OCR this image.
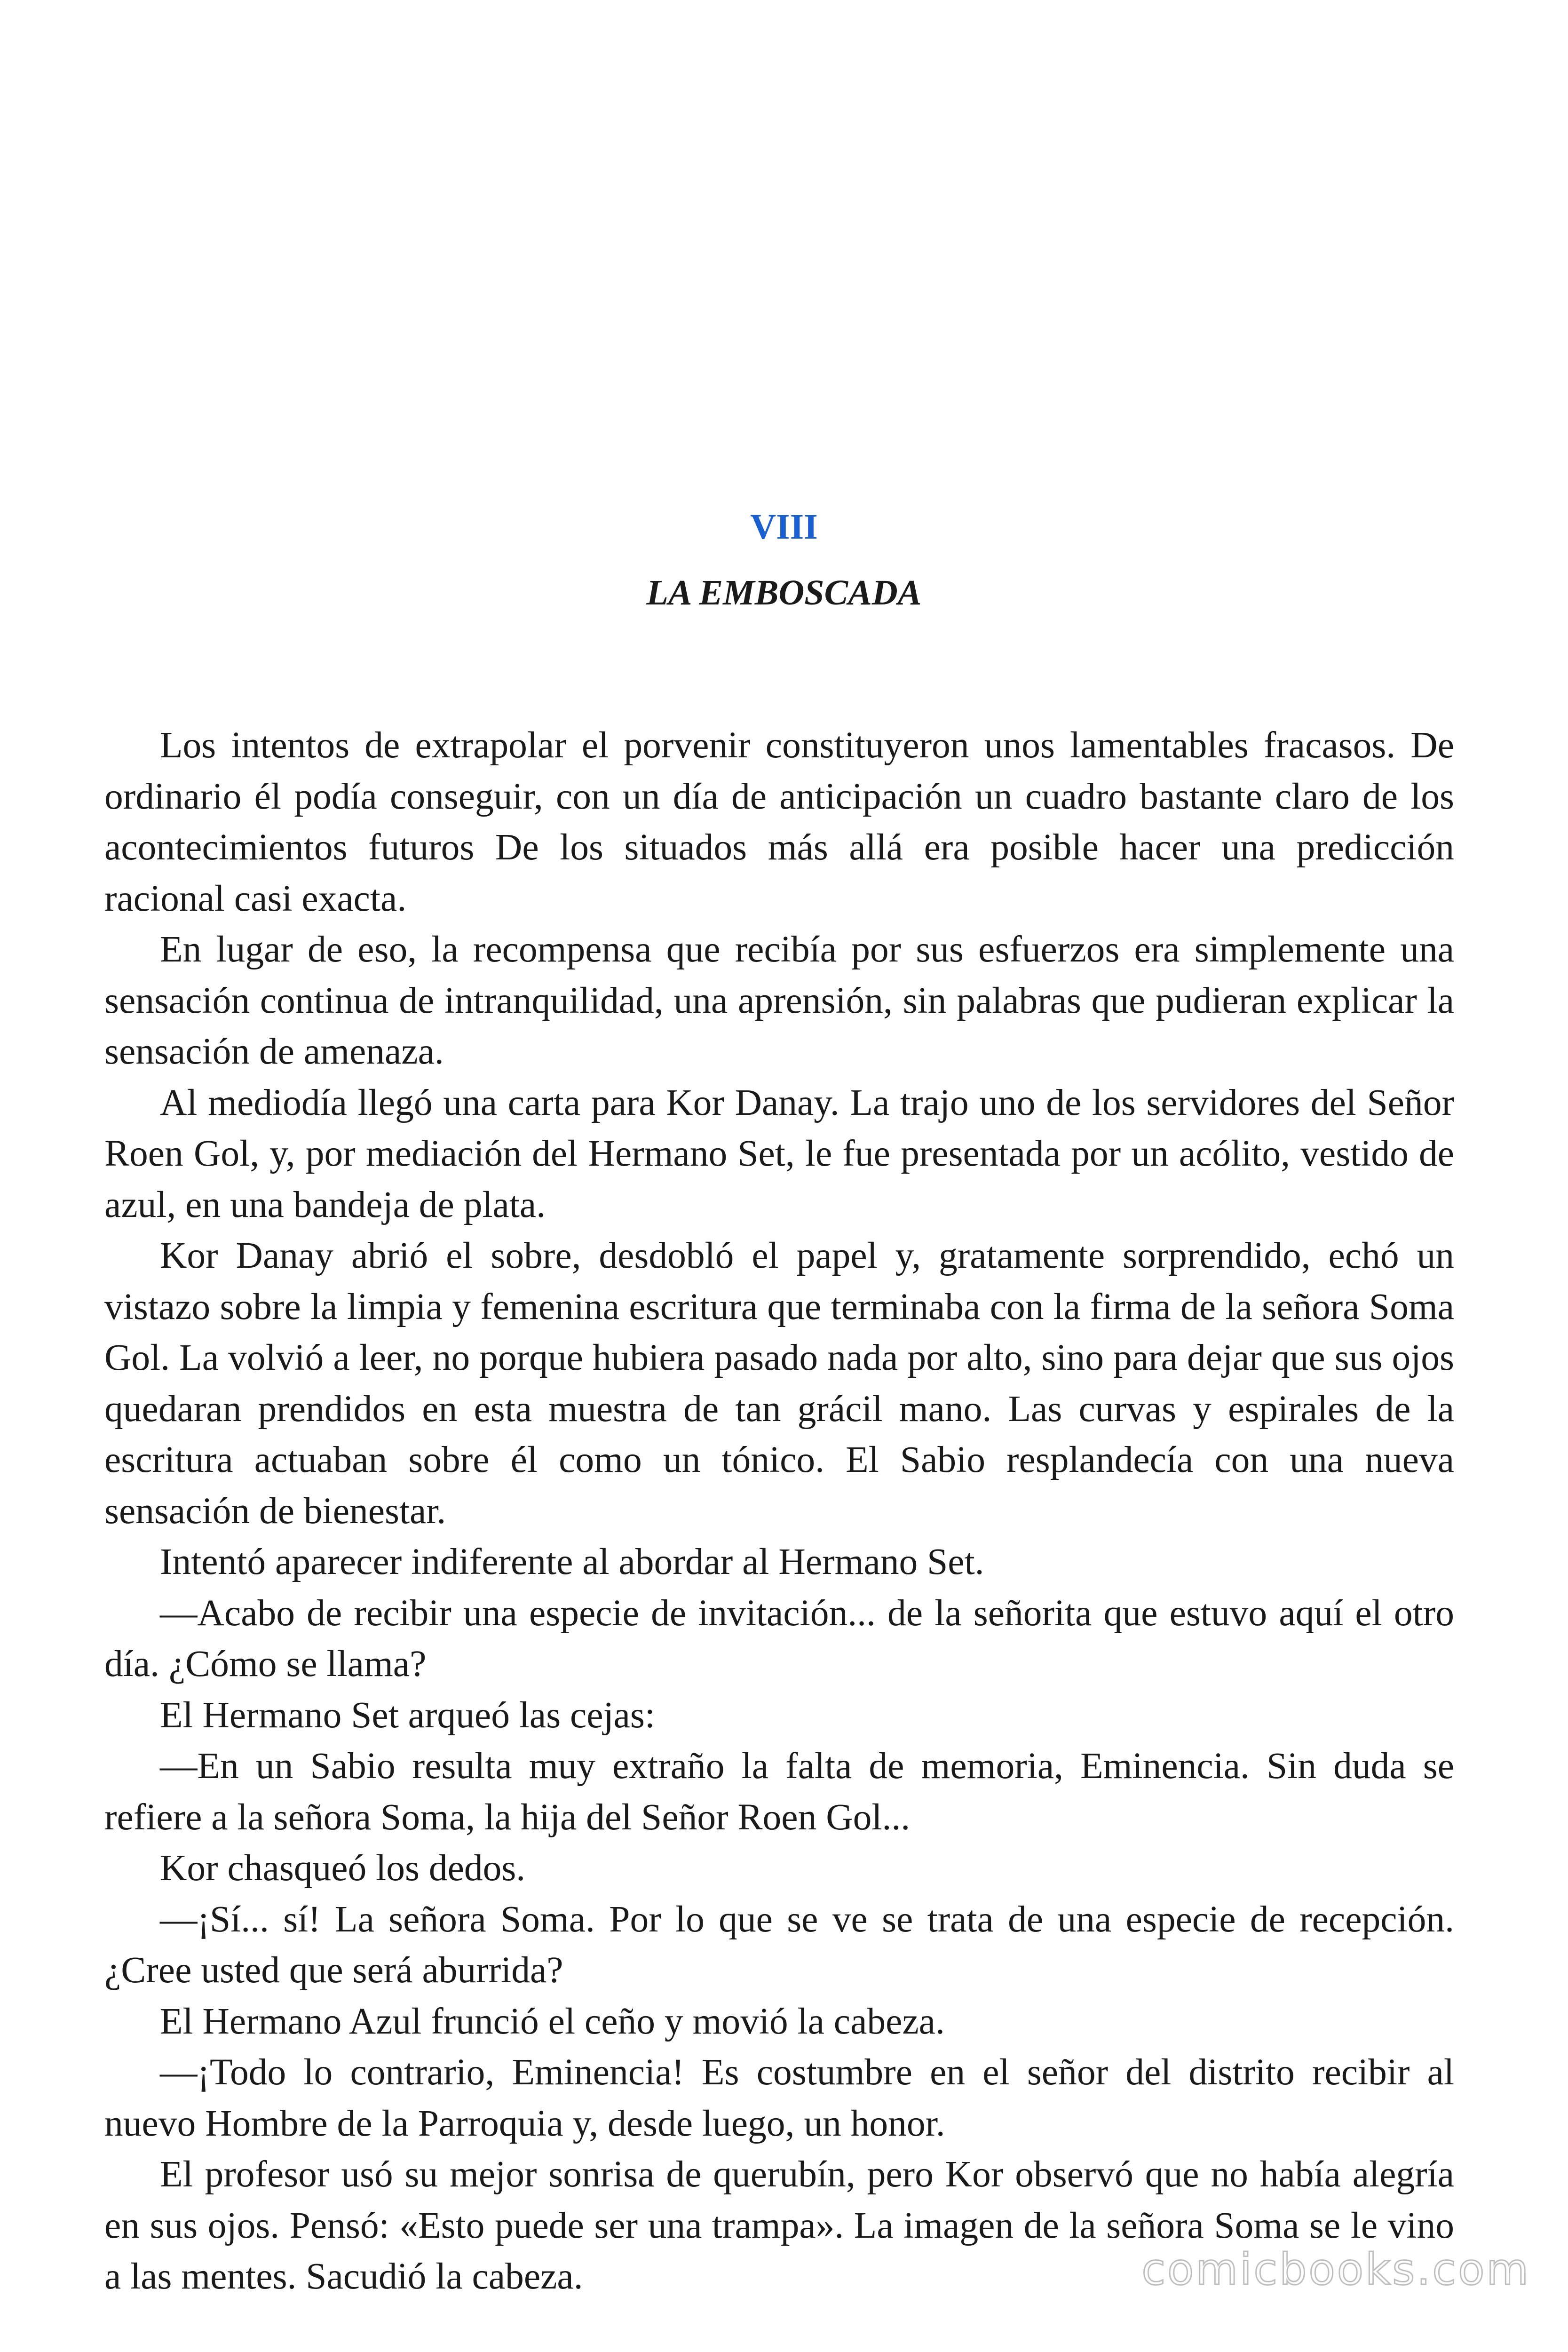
VIII
LA EMBOSCADA

Los intentos de extrapolar el porvenir constituyeron unos lamentables fracasos. De ordinario él podía conseguir, con un día de anticipación un cuadro bastante claro de los acontecimientos futuros De los situados más allá era posible hacer una predicción racional casi exacta.

En lugar de eso, la recompensa que recibía por sus esfuerzos era simplemente una sensación continua de intranquilidad, una aprensión, sin palabras que pudieran explicar la sensación de amenaza.

Al mediodía llegó una carta para Kor Danay. La trajo uno de los servidores del Señor Roen Gol, y, por mediación del Hermano Set, le fue presentada por un acólito, vestido de azul, en una bandeja de plata.

Kor Danay abrió el sobre, desdobló el papel y, gratamente sorprendido, echó un vistazo sobre la limpia y femenina escritura que terminaba con la firma de la señora Soma Gol. La volvió a leer, no porque hubiera pasado nada por alto, sino para dejar que sus ojos quedaran prendidos en esta muestra de tan grácil mano. Las curvas y espirales de la escritura actuaban sobre él como un tónico. El Sabio resplandecía con una nueva sensación de bienestar.

Intentó aparecer indiferente al abordar al Hermano Set.

—Acabo de recibir una especie de invitación... de la señorita que estuvo aquí el otro día. ¿Cómo se llama?

El Hermano Set arqueó las cejas:

—En un Sabio resulta muy extraño la falta de memoria, Eminencia. Sin duda se refiere a la señora Soma, la hija del Señor Roen Gol...

Kor chasqueó los dedos.

—¡Sí... sí! La señora Soma. Por lo que se ve se trata de una especie de recepción. ¿Cree usted que será aburrida?

El Hermano Azul frunció el ceño y movió la cabeza.

—¡Todo lo contrario, Eminencia! Es costumbre en el señor del distrito recibir al nuevo Hombre de la Parroquia y, desde luego, un honor.

El profesor usó su mejor sonrisa de querubín, pero Kor observó que no había alegría en sus ojos. Pensó: «Esto puede ser una trampa». La imagen de la señora Soma se le vino a las mentes. Sacudió la cabeza.	comicbooks.com
